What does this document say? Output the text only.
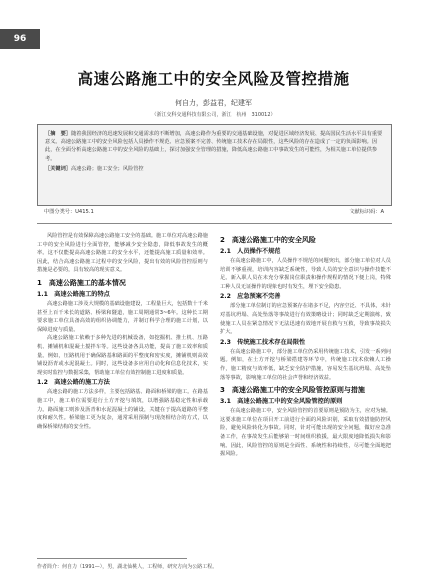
96
高速公路施工中的安全风险及管控措施
何自力，彭益君，纪建军
（浙江交科交通科技有限公司，浙江　杭州　310012）
［摘　要］随着我国经济的迅速发展和交通需求的不断增加，高速公路作为重要的交通基础设施，对促进区域经济发展、提高国民生活水平具有重要意义。高速公路施工中的安全风险包括人员操作不规范、应急预案不完善、传统施工技术存在局限性，这些风险的存在造成了一定的负面影响。因此，在全面分析高速公路施工中的安全风险的基础上，探讨加强安全管理的措施，降低高速公路施工中事故发生的可能性，为相关施工单位提供参考。
［关键词］高速公路；施工安全；风险管控
中图分类号：U415.1	文献标识码：A

风险管控是有效保障高速公路施工安全的基础。施工单位对高速公路施工中的安全风险进行全面管控，能够减少安全隐患，降低事故发生的概率。这不仅能提高高速公路施工的安全水平，还能提高施工质量和效率。因此，结合高速公路施工过程中的安全风险，提出有效的风险管控原则与措施是必要的，具有较高的现实意义。

1　高速公路施工的基本情况
1.1　高速公路施工的特点

高速公路施工涉及大规模的基础设施建设，工程量巨大，包括数十千米甚至上百千米长的道路、桥梁和隧道，施工周期通常3~6年。这种长工期要求施工单位具备高效的组织协调能力，并制订科学合理的施工计划，以保障进度与质量。

高速公路施工依赖于多种先进的机械设备，如挖掘机、推土机、压路机、摊铺机和混凝土搅拌车等。这些设备各具功能，提高了施工效率和质量。例如，压路机用于确保路基和路面的平整度和密实度，摊铺机则高效铺设沥青或水泥混凝土。同时，这些设备多应用自动化和信息化技术，实现实时监控与数据采集，帮助施工单位有效控制施工进度和质量。

1.2　高速公路的施工方法

高速公路的施工方法多样，主要包括路基、路面和桥梁的施工。在路基施工中，施工单位需要进行土方开挖与填筑，以增强路基稳定性和承载力。路面施工则涉及沥青和水泥混凝土的铺设，关键在于提高道路的平整度和耐久性。桥梁施工更为复杂，通常采用预制与现浇相结合的方式，以确保桥梁结构的安全性。

2　高速公路施工中的安全风险
2.1　人员操作不规范

在高速公路施工中，人员操作不规范的问题突出，部分施工单位对人员培训不够重视，培训内容缺乏系统性，导致人员的安全意识与操作技能不足。新入职人员在未充分掌握岗位职责和操作规程的情况下便上岗，特殊工种人员无证操作的现象也时有发生，埋下安全隐患。

2.2　应急预案不完善

部分施工单位制订的应急预案存在诸多不足，内容空泛、不具体，未针对基坑坍塌、高处坠落等事故进行有效策略设计；同时缺乏定期演练，致使施工人员在紧急情况下无法迅速有效地开展自救与互救，导致事故损失扩大。

2.3　传统施工技术存在局限性

在高速公路施工中，部分施工单位仍采用传统施工技术，引发一系列问题。例如，在土方开挖与桥梁搭建等环节中，传统施工技术依赖人工操作，施工精度与效率低，缺乏安全防护措施，容易发生基坑坍塌、高处坠落等事故，影响施工单位的社会声誉和经济效益。

3　高速公路施工中的安全风险管控原则与措施
3.1　高速公路施工中的安全风险管控的原则

在高速公路施工中，安全风险管控的首要原则是预防为主，应对为辅。这要求施工单位在项目开工前进行全面的风险识别，采取有效措施防控风险，避免风险转化为事故。同时，针对可能出现的安全问题，做好应急准备工作，在事故发生后能够第一时间组织救援，最大限度地降低损失和影响。因此，风险管控的原则是全面性、系统性和持续性，尽可能全面地把握风险。

作者简介：何自力（1991—），男，湖北仙桃人，工程师，研究方向为公路工程。
